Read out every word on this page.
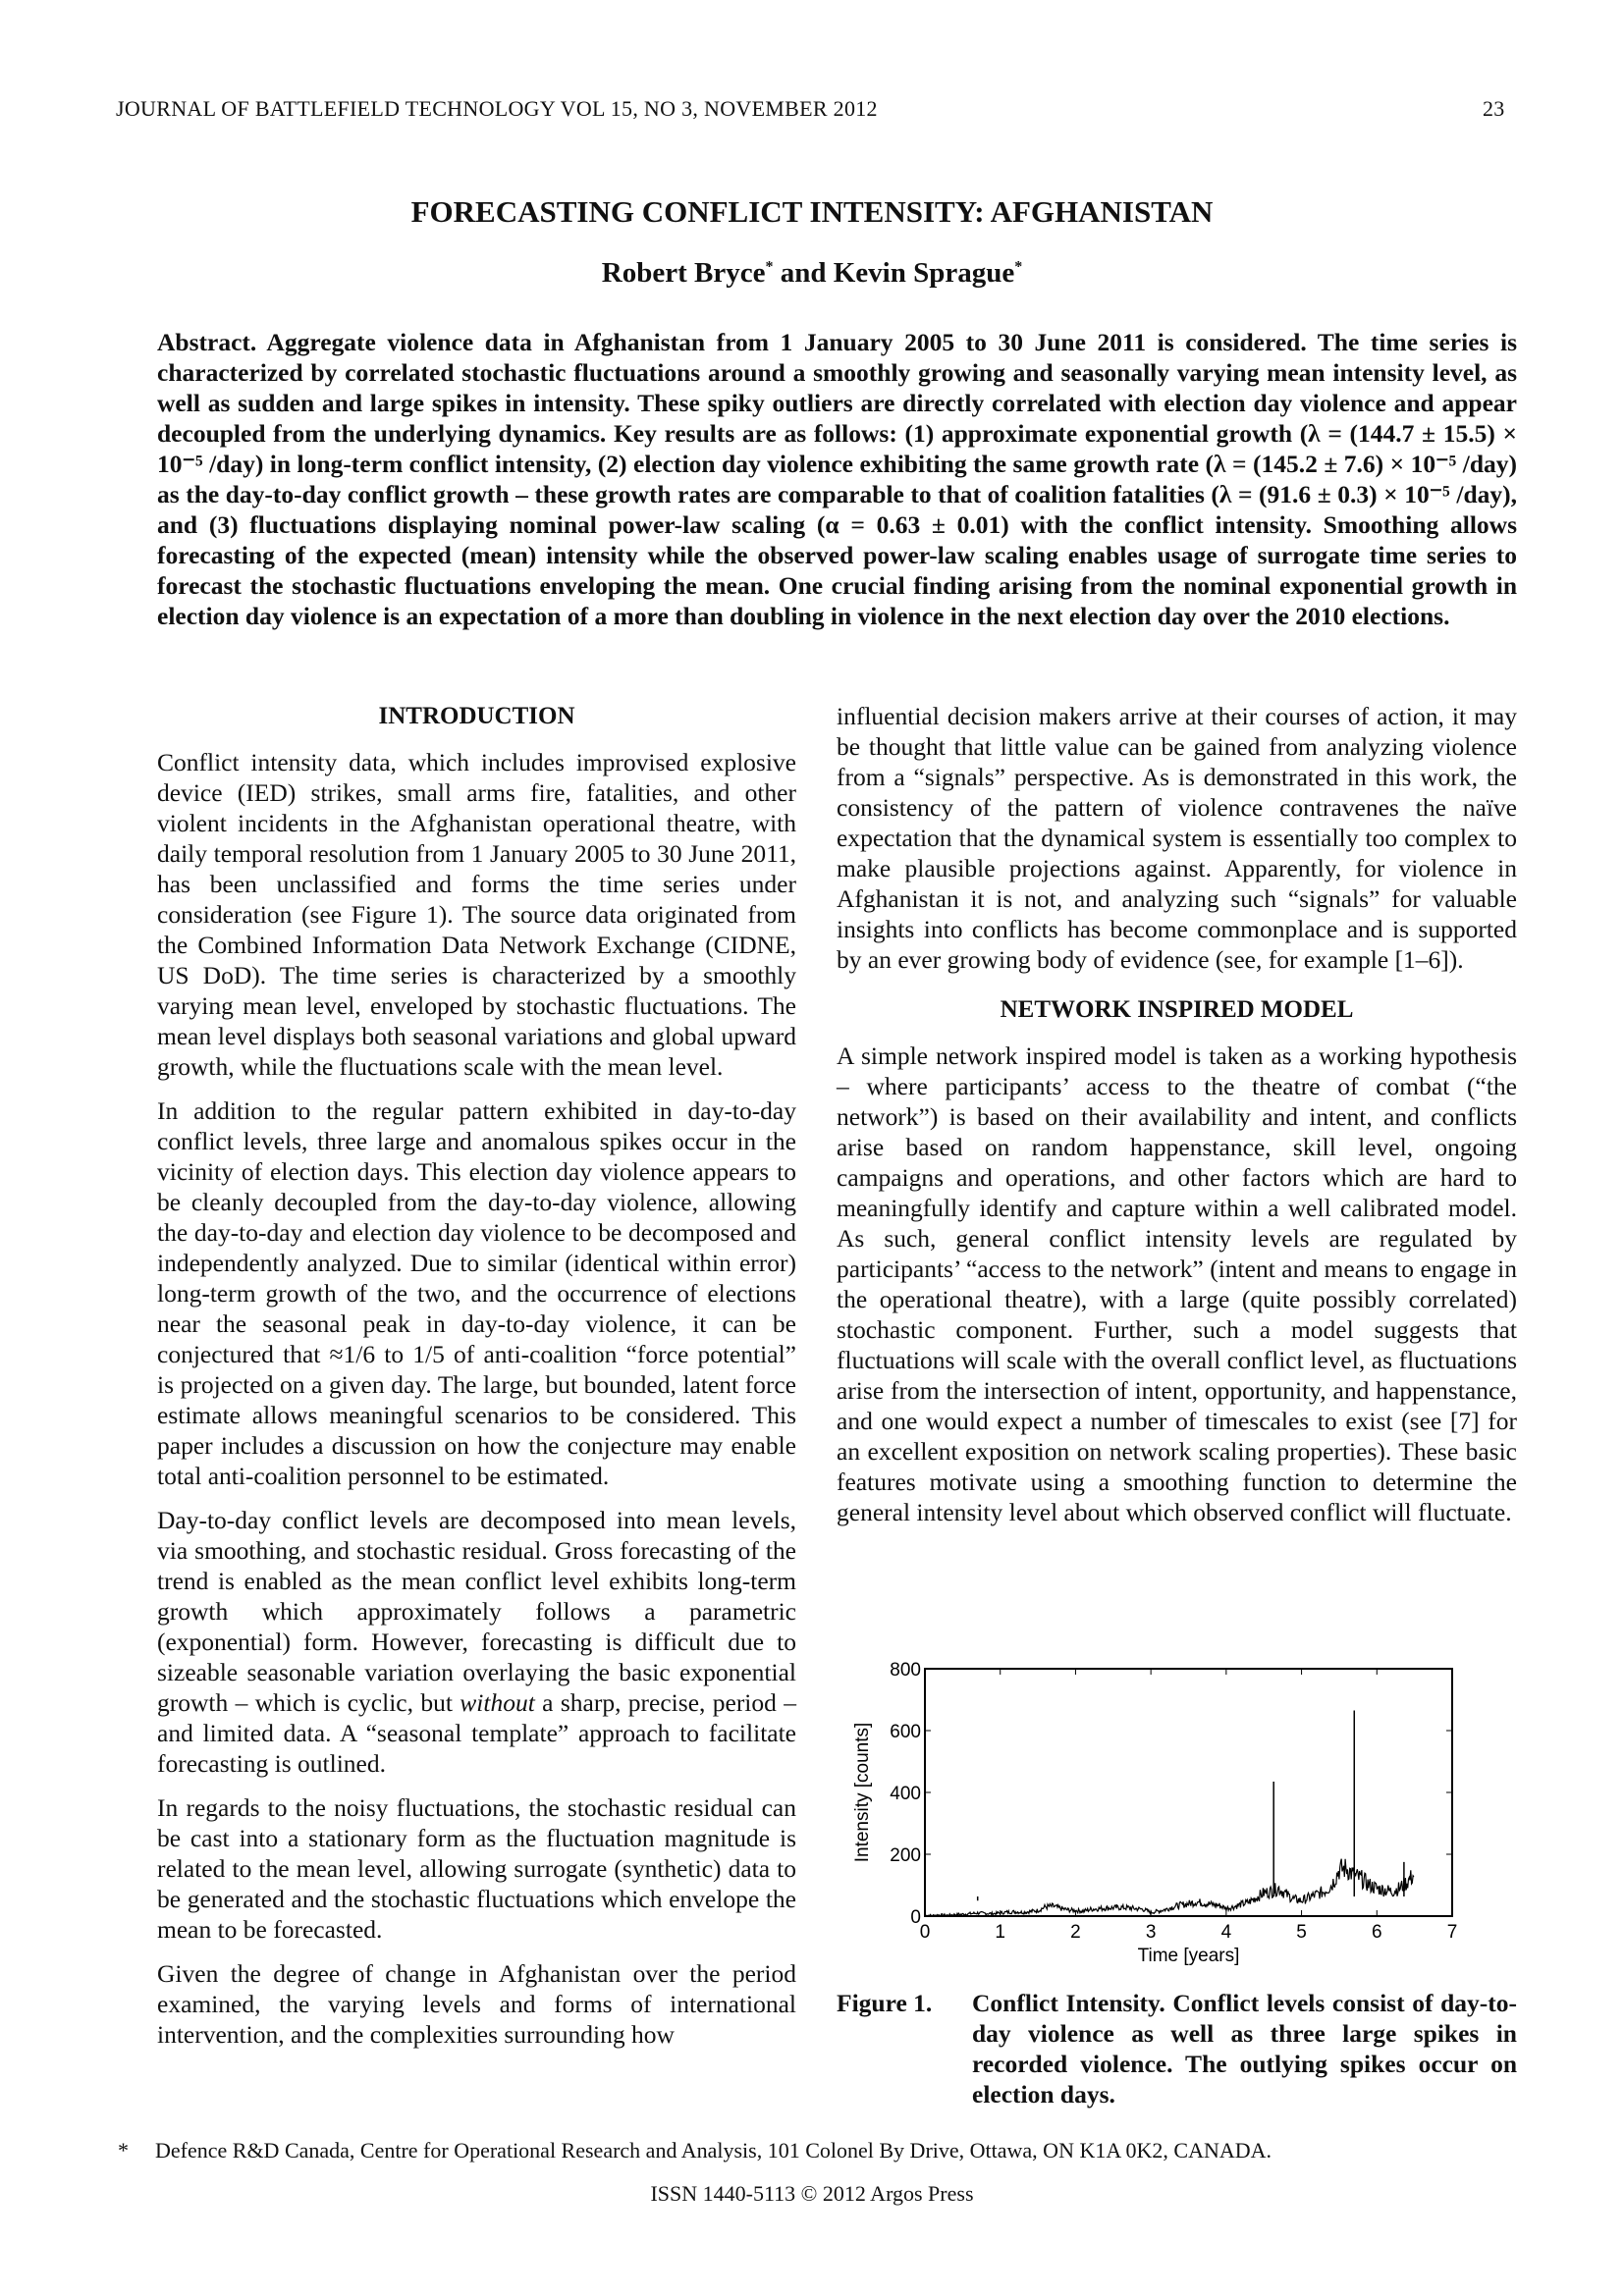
JOURNAL OF BATTLEFIELD TECHNOLOGY VOL 15, NO 3, NOVEMBER 2012	23
FORECASTING CONFLICT INTENSITY: AFGHANISTAN
Robert Bryce* and Kevin Sprague*
Abstract. Aggregate violence data in Afghanistan from 1 January 2005 to 30 June 2011 is considered. The time series is characterized by correlated stochastic fluctuations around a smoothly growing and seasonally varying mean intensity level, as well as sudden and large spikes in intensity. These spiky outliers are directly correlated with election day violence and appear decoupled from the underlying dynamics. Key results are as follows: (1) approximate exponential growth (λ = (144.7 ± 15.5) × 10⁻⁵ /day) in long-term conflict intensity, (2) election day violence exhibiting the same growth rate (λ = (145.2 ± 7.6) × 10⁻⁵ /day) as the day-to-day conflict growth – these growth rates are comparable to that of coalition fatalities (λ = (91.6 ± 0.3) × 10⁻⁵ /day), and (3) fluctuations displaying nominal power-law scaling (α = 0.63 ± 0.01) with the conflict intensity. Smoothing allows forecasting of the expected (mean) intensity while the observed power-law scaling enables usage of surrogate time series to forecast the stochastic fluctuations enveloping the mean. One crucial finding arising from the nominal exponential growth in election day violence is an expectation of a more than doubling in violence in the next election day over the 2010 elections.
INTRODUCTION

Conflict intensity data, which includes improvised explosive device (IED) strikes, small arms fire, fatalities, and other violent incidents in the Afghanistan operational theatre, with daily temporal resolution from 1 January 2005 to 30 June 2011, has been unclassified and forms the time series under consideration (see Figure 1). The source data originated from the Combined Information Data Network Exchange (CIDNE, US DoD). The time series is characterized by a smoothly varying mean level, enveloped by stochastic fluctuations. The mean level displays both seasonal variations and global upward growth, while the fluctuations scale with the mean level.

In addition to the regular pattern exhibited in day-to-day conflict levels, three large and anomalous spikes occur in the vicinity of election days. This election day violence appears to be cleanly decoupled from the day-to-day violence, allowing the day-to-day and election day violence to be decomposed and independently analyzed. Due to similar (identical within error) long-term growth of the two, and the occurrence of elections near the seasonal peak in day-to-day violence, it can be conjectured that ≈1/6 to 1/5 of anti-coalition “force potential” is projected on a given day. The large, but bounded, latent force estimate allows meaningful scenarios to be considered. This paper includes a discussion on how the conjecture may enable total anti-coalition personnel to be estimated.

Day-to-day conflict levels are decomposed into mean levels, via smoothing, and stochastic residual. Gross forecasting of the trend is enabled as the mean conflict level exhibits long-term growth which approximately follows a parametric (exponential) form. However, forecasting is difficult due to sizeable seasonable variation overlaying the basic exponential growth – which is cyclic, but without a sharp, precise, period – and limited data. A “seasonal template” approach to facilitate forecasting is outlined.

In regards to the noisy fluctuations, the stochastic residual can be cast into a stationary form as the fluctuation magnitude is related to the mean level, allowing surrogate (synthetic) data to be generated and the stochastic fluctuations which envelope the mean to be forecasted.

Given the degree of change in Afghanistan over the period examined, the varying levels and forms of international intervention, and the complexities surrounding how

influential decision makers arrive at their courses of action, it may be thought that little value can be gained from analyzing violence from a “signals” perspective. As is demonstrated in this work, the consistency of the pattern of violence contravenes the naïve expectation that the dynamical system is essentially too complex to make plausible projections against. Apparently, for violence in Afghanistan it is not, and analyzing such “signals” for valuable insights into conflicts has become commonplace and is supported by an ever growing body of evidence (see, for example [1–6]).

NETWORK INSPIRED MODEL

A simple network inspired model is taken as a working hypothesis – where participants’ access to the theatre of combat (“the network”) is based on their availability and intent, and conflicts arise based on random happenstance, skill level, ongoing campaigns and operations, and other factors which are hard to meaningfully identify and capture within a well calibrated model. As such, general conflict intensity levels are regulated by participants’ “access to the network” (intent and means to engage in the operational theatre), with a large (quite possibly correlated) stochastic component. Further, such a model suggests that fluctuations will scale with the overall conflict level, as fluctuations arise from the intersection of intent, opportunity, and happenstance, and one would expect a number of timescales to exist (see [7] for an excellent exposition on network scaling properties). These basic features motivate using a smoothing function to determine the general intensity level about which observed conflict will fluctuate.

0	1	2	3	4	5	6	7
0
200
400
600
800
Time [years]
Intensity [counts]
Figure 1. Conflict Intensity. Conflict levels consist of day-to-day violence as well as three large spikes in recorded violence. The outlying spikes occur on election days.
* Defence R&D Canada, Centre for Operational Research and Analysis, 101 Colonel By Drive, Ottawa, ON K1A 0K2, CANADA.
ISSN 1440-5113 © 2012 Argos Press
